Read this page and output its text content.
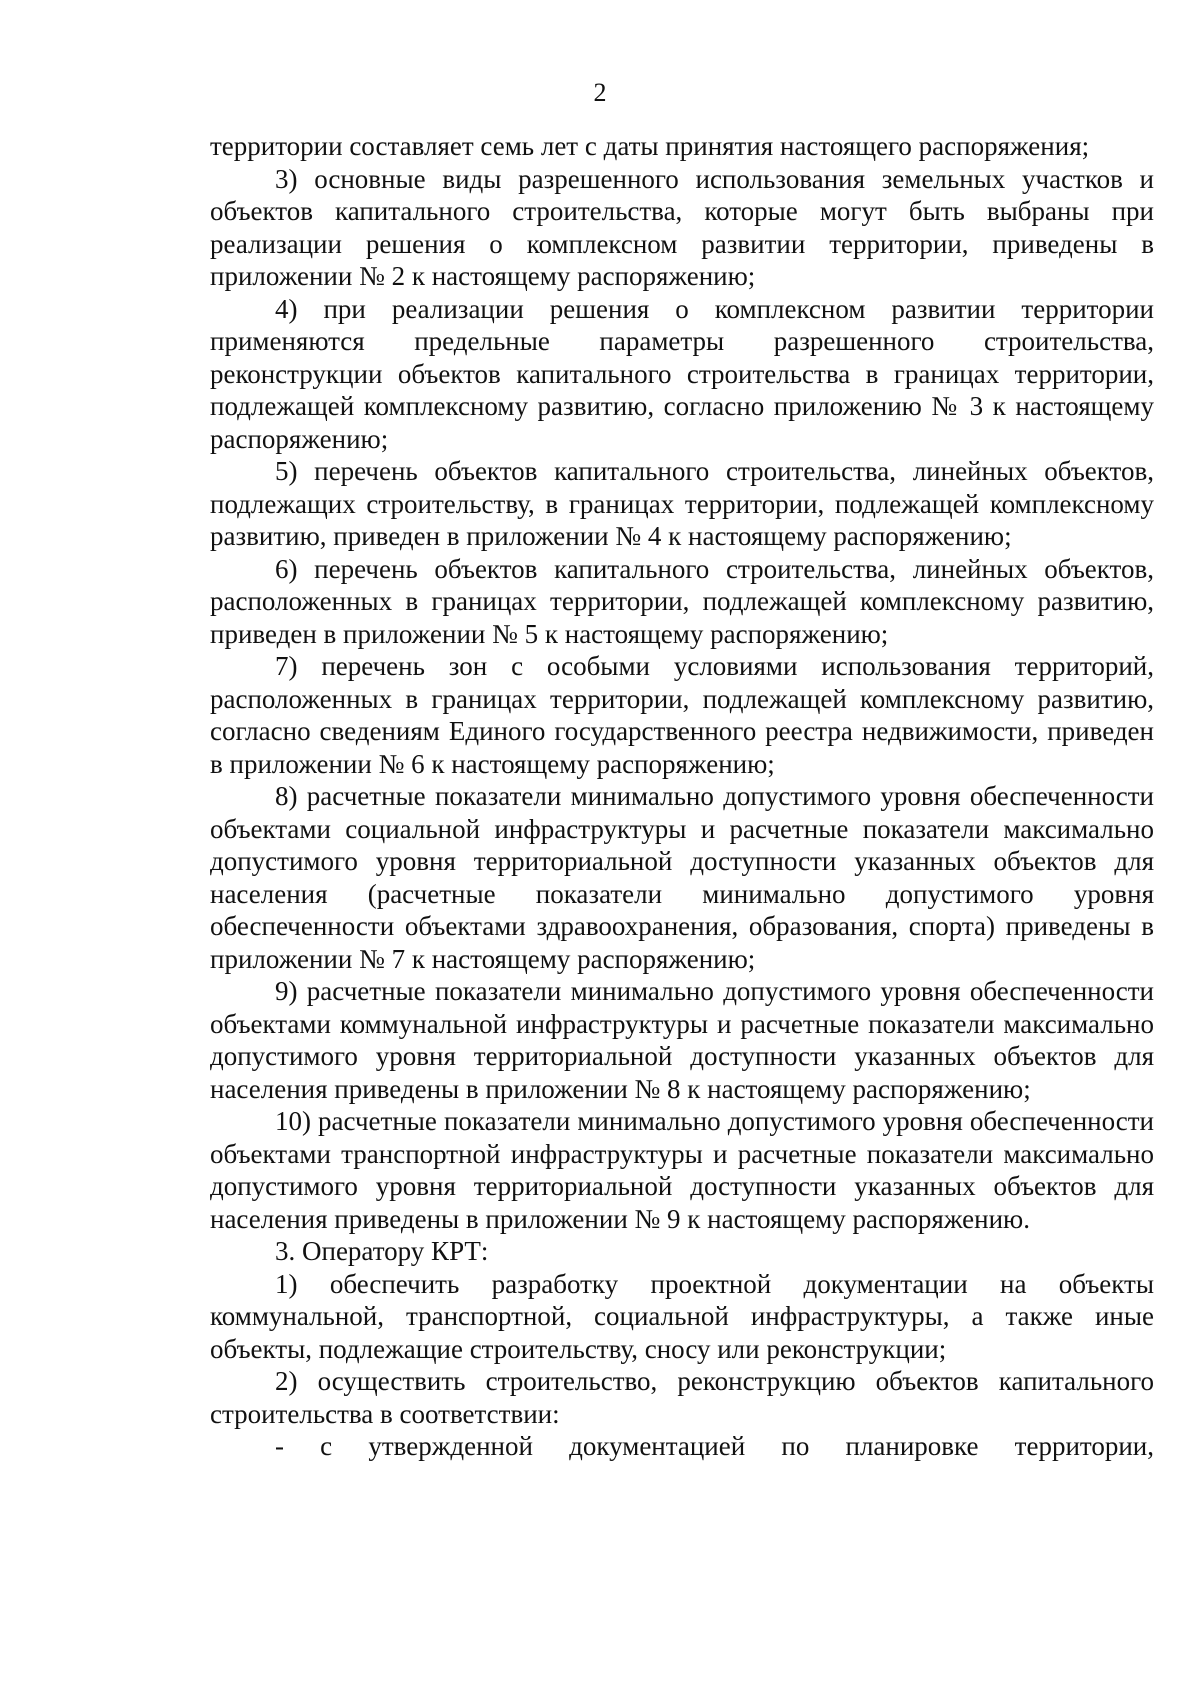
2

территории составляет семь лет с даты принятия настоящего распоряжения;

3) основные виды разрешенного использования земельных участков и объектов капитального строительства, которые могут быть выбраны при реализации решения о комплексном развитии территории, приведены в приложении № 2 к настоящему распоряжению;

4) при реализации решения о комплексном развитии территории применяются предельные параметры разрешенного строительства, реконструкции объектов капитального строительства в границах территории, подлежащей комплексному развитию, согласно приложению № 3 к настоящему распоряжению;

5) перечень объектов капитального строительства, линейных объектов, подлежащих строительству, в границах территории, подлежащей комплексному развитию, приведен в приложении № 4 к настоящему распоряжению;

6) перечень объектов капитального строительства, линейных объектов, расположенных в границах территории, подлежащей комплексному развитию, приведен в приложении № 5 к настоящему распоряжению;

7) перечень зон с особыми условиями использования территорий, расположенных в границах территории, подлежащей комплексному развитию, согласно сведениям Единого государственного реестра недвижимости, приведен в приложении № 6 к настоящему распоряжению;

8) расчетные показатели минимально допустимого уровня обеспеченности объектами социальной инфраструктуры и расчетные показатели максимально допустимого уровня территориальной доступности указанных объектов для населения (расчетные показатели минимально допустимого уровня обеспеченности объектами здравоохранения, образования, спорта) приведены в приложении № 7 к настоящему распоряжению;

9) расчетные показатели минимально допустимого уровня обеспеченности объектами коммунальной инфраструктуры и расчетные показатели максимально допустимого уровня территориальной доступности указанных объектов для населения приведены в приложении № 8 к настоящему распоряжению;

10) расчетные показатели минимально допустимого уровня обеспеченности объектами транспортной инфраструктуры и расчетные показатели максимально допустимого уровня территориальной доступности указанных объектов для населения приведены в приложении № 9 к настоящему распоряжению.

3. Оператору КРТ:

1) обеспечить разработку проектной документации на объекты коммунальной, транспортной, социальной инфраструктуры, а также иные объекты, подлежащие строительству, сносу или реконструкции;

2) осуществить строительство, реконструкцию объектов капитального строительства в соответствии:

- с утвержденной документацией по планировке территории,
